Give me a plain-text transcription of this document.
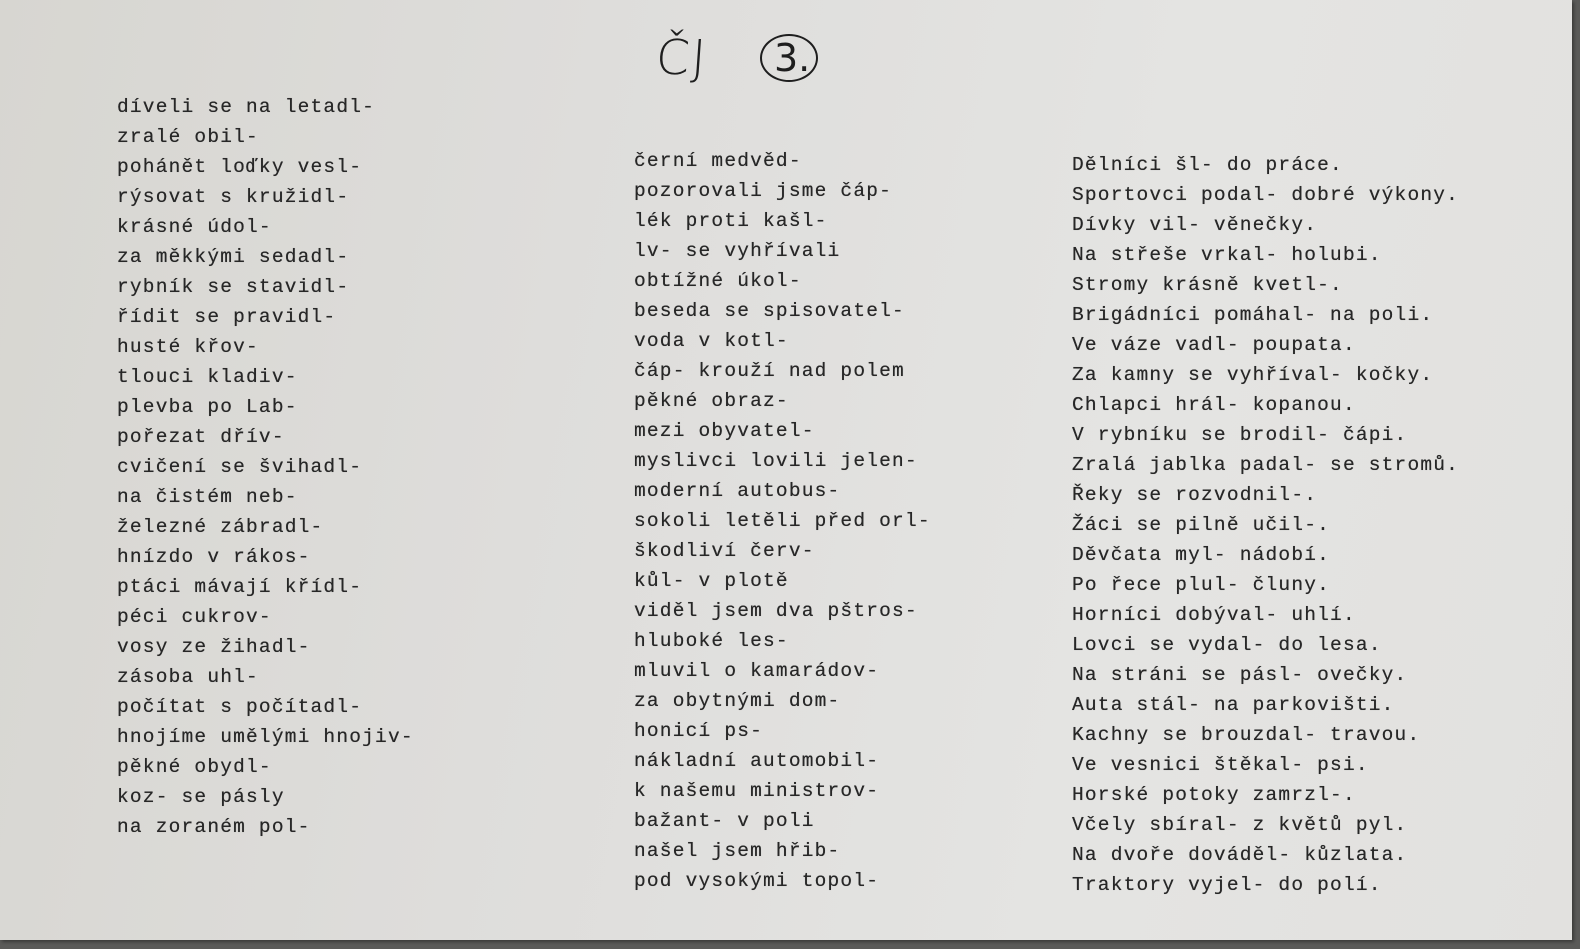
ČJ 3.
díveli se na letadl-
zralé obil-
pohánět loďky vesl-
rýsovat s kružidl-
krásné údol-
za měkkými sedadl-
rybník se stavidl-
řídit se pravidl-
husté křov-
tlouci kladiv-
plevba po Lab-
pořezat dřív-
cvičení se švihadl-
na čistém neb-
železné zábradl-
hnízdo v rákos-
ptáci mávají křídl-
péci cukrov-
vosy ze žihadl-
zásoba uhl-
počítat s počítadl-
hnojíme umělými hnojiv-
pěkné obydl-
koz- se pásly
na zoraném pol-
černí medvěd-
pozorovali jsme čáp-
lék proti kašl-
lv- se vyhřívali
obtížné úkol-
beseda se spisovatel-
voda v kotl-
čáp- krouží nad polem
pěkné obraz-
mezi obyvatel-
myslivci lovili jelen-
moderní autobus-
sokoli letěli před orl-
škodliví červ-
kůl- v plotě
viděl jsem dva pštros-
hluboké les-
mluvil o kamarádov-
za obytnými dom-
honicí ps-
nákladní automobil-
k našemu ministrov-
bažant- v poli
našel jsem hřib-
pod vysokými topol-
Dělníci šl- do práce.
Sportovci podal- dobré výkony.
Dívky vil- věnečky.
Na střeše vrkal- holubi.
Stromy krásně kvetl-.
Brigádníci pomáhal- na poli.
Ve váze vadl- poupata.
Za kamny se vyhříval- kočky.
Chlapci hrál- kopanou.
V rybníku se brodil- čápi.
Zralá jablka padal- se stromů.
Řeky se rozvodnil-.
Žáci se pilně učil-.
Děvčata myl- nádobí.
Po řece plul- čluny.
Horníci dobýval- uhlí.
Lovci se vydal- do lesa.
Na stráni se pásl- ovečky.
Auta stál- na parkovišti.
Kachny se brouzdal- travou.
Ve vesnici štěkal- psi.
Horské potoky zamrzl-.
Včely sbíral- z květů pyl.
Na dvoře dováděl- kůzlata.
Traktory vyjel- do polí.
